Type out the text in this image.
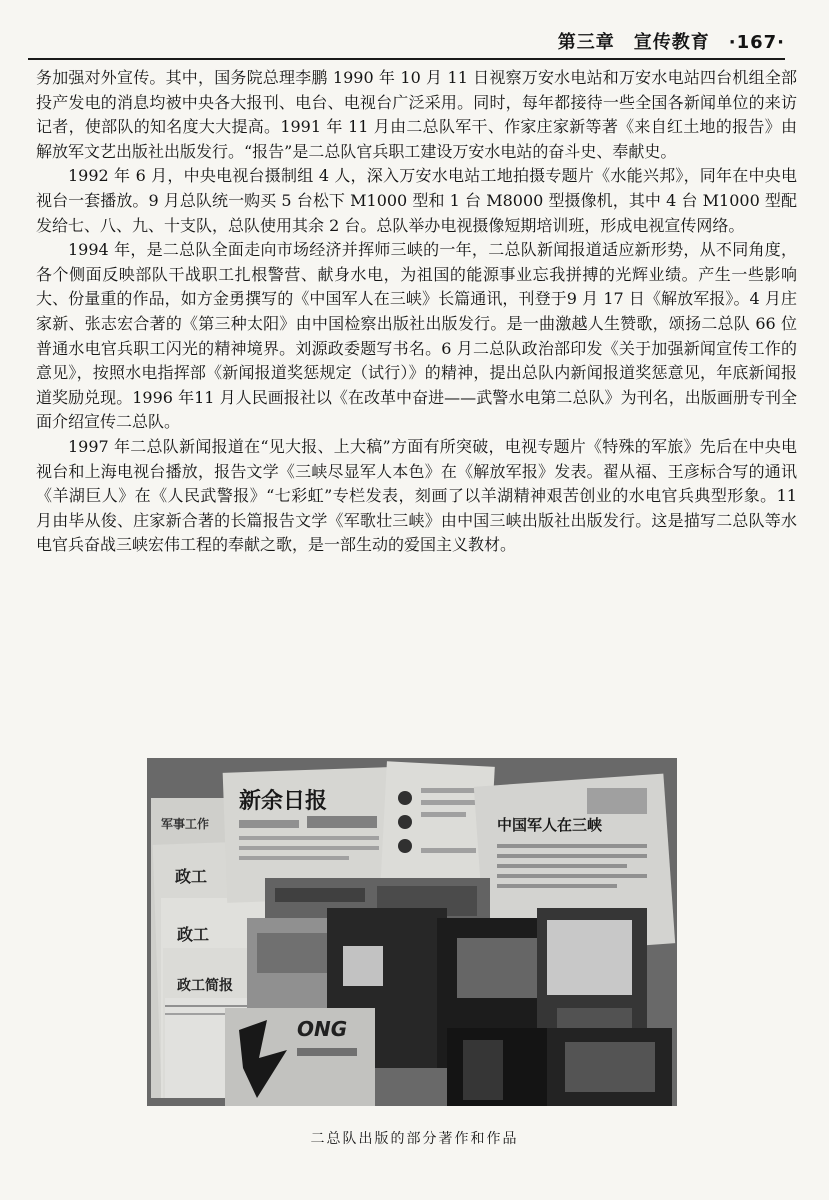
第三章　宣传教育　·167·

务加强对外宣传。其中，国务院总理李鹏 1990 年 10 月 11 日视察万安水电站和万安水电站四台机组全部投产发电的消息均被中央各大报刊、电台、电视台广泛采用。同时，每年都接待一些全国各新闻单位的来访记者，使部队的知名度大大提高。1991 年 11 月由二总队军干、作家庄家新等著《来自红土地的报告》由解放军文艺出版社出版发行。“报告”是二总队官兵职工建设万安水电站的奋斗史、奉献史。

1992 年 6 月，中央电视台摄制组 4 人，深入万安水电站工地拍摄专题片《水能兴邦》，同年在中央电视台一套播放。9 月总队统一购买 5 台松下 M1000 型和 1 台 M8000 型摄像机，其中 4 台 M1000 型配发给七、八、九、十支队，总队使用其余 2 台。总队举办电视摄像短期培训班，形成电视宣传网络。

1994 年，是二总队全面走向市场经济并挥师三峡的一年，二总队新闻报道适应新形势，从不同角度，各个侧面反映部队干战职工扎根警营、献身水电，为祖国的能源事业忘我拼搏的光辉业绩。产生一些影响大、份量重的作品，如方金勇撰写的《中国军人在三峡》长篇通讯，刊登于9 月 17 日《解放军报》。4 月庄家新、张志宏合著的《第三种太阳》由中国检察出版社出版发行。是一曲激越人生赞歌，颂扬二总队 66 位普通水电官兵职工闪光的精神境界。刘源政委题写书名。6 月二总队政治部印发《关于加强新闻宣传工作的意见》，按照水电指挥部《新闻报道奖惩规定（试行）》的精神，提出总队内新闻报道奖惩意见，年底新闻报道奖励兑现。1996 年11 月人民画报社以《在改革中奋进——武警水电第二总队》为刊名，出版画册专刊全面介绍宣传二总队。

1997 年二总队新闻报道在“见大报、上大稿”方面有所突破，电视专题片《特殊的军旅》先后在中央电视台和上海电视台播放，报告文学《三峡尽显军人本色》在《解放军报》发表。翟从福、王彦标合写的通讯《羊湖巨人》在《人民武警报》“七彩虹”专栏发表，刻画了以羊湖精神艰苦创业的水电官兵典型形象。11 月由毕从俊、庄家新合著的长篇报告文学《军歌壮三峡》由中国三峡出版社出版发行。这是描写二总队等水电官兵奋战三峡宏伟工程的奉献之歌，是一部生动的爱国主义教材。

军事工作
政工
政工
政工简报
新余日报
中国军人在三峡
ONG
二总队出版的部分著作和作品
